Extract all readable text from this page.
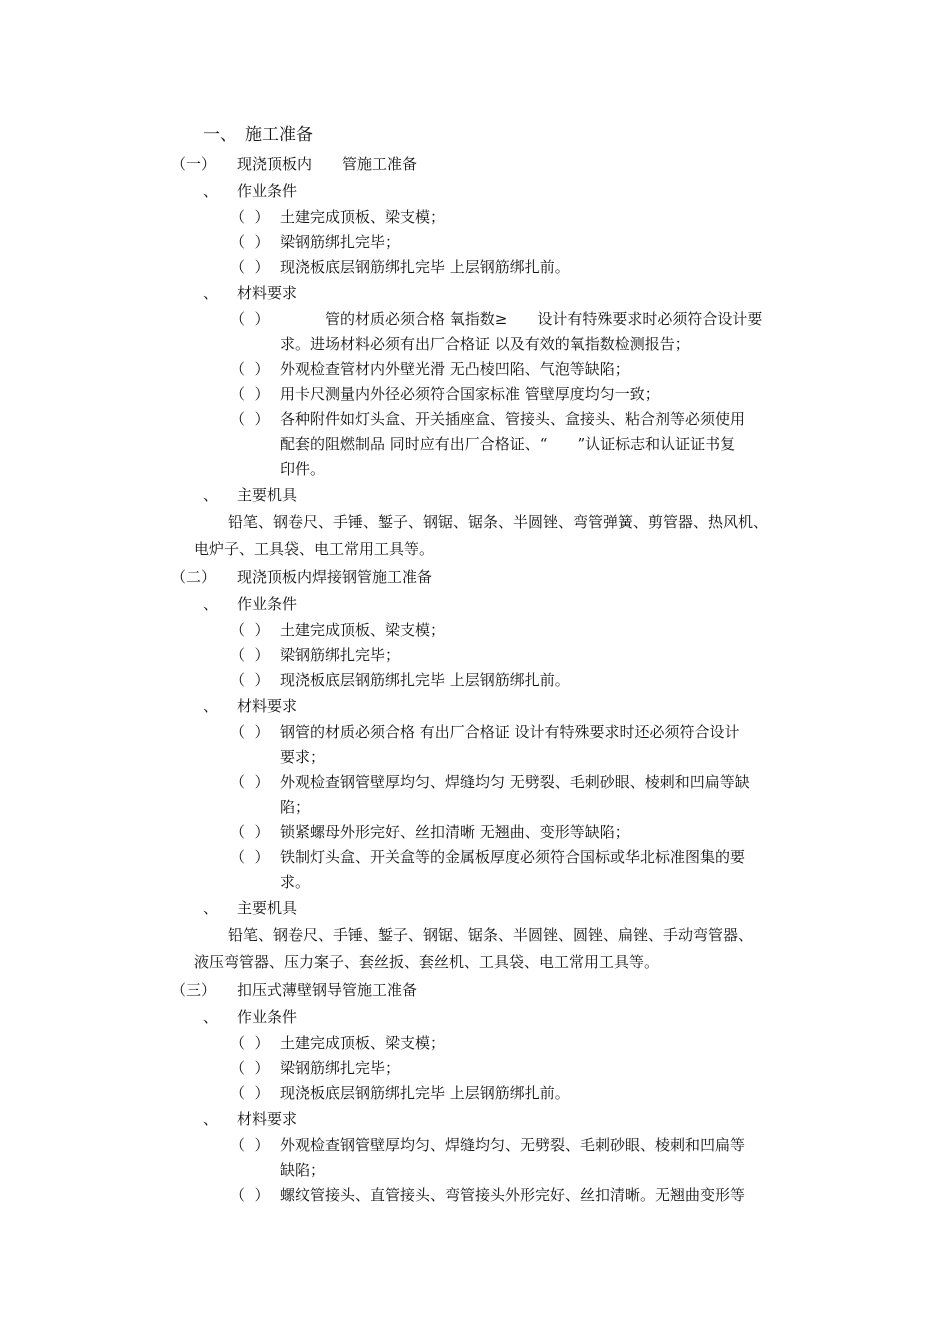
一、 施工准备
（一） 现浇顶板内　　管施工准备
、 作业条件
（  ） 土建完成顶板、梁支模；
（  ） 梁钢筋绑扎完毕；
（  ） 现浇板底层钢筋绑扎完毕 上层钢筋绑扎前。
、 材料要求
（  ） 　　　管的材质必须合格 氧指数≥　　设计有特殊要求时必须符合设计要
求。进场材料必须有出厂合格证 以及有效的氧指数检测报告；
（  ） 外观检查管材内外壁光滑 无凸棱凹陷、气泡等缺陷；
（  ） 用卡尺测量内外径必须符合国家标准 管壁厚度均匀一致；
（  ） 各种附件如灯头盒、开关插座盒、管接头、盒接头、粘合剂等必须使用
配套的阻燃制品 同时应有出厂合格证、“　　”认证标志和认证证书复
印件。
、 主要机具
铅笔、钢卷尺、手锤、錾子、钢锯、锯条、半圆锉、弯管弹簧、剪管器、热风机、
电炉子、工具袋、电工常用工具等。
（二） 现浇顶板内焊接钢管施工准备
、 作业条件
（  ） 土建完成顶板、梁支模；
（  ） 梁钢筋绑扎完毕；
（  ） 现浇板底层钢筋绑扎完毕 上层钢筋绑扎前。
、 材料要求
（  ） 钢管的材质必须合格 有出厂合格证 设计有特殊要求时还必须符合设计
要求；
（  ） 外观检查钢管壁厚均匀、焊缝均匀 无劈裂、毛刺砂眼、棱刺和凹扁等缺
陷；
（  ） 锁紧螺母外形完好、丝扣清晰 无翘曲、变形等缺陷；
（  ） 铁制灯头盒、开关盒等的金属板厚度必须符合国标或华北标准图集的要
求。
、 主要机具
铅笔、钢卷尺、手锤、錾子、钢锯、锯条、半圆锉、圆锉、扁锉、手动弯管器、
液压弯管器、压力案子、套丝扳、套丝机、工具袋、电工常用工具等。
（三） 扣压式薄壁钢导管施工准备
、 作业条件
（  ） 土建完成顶板、梁支模；
（  ） 梁钢筋绑扎完毕；
（  ） 现浇板底层钢筋绑扎完毕 上层钢筋绑扎前。
、 材料要求
（  ） 外观检查钢管壁厚均匀、焊缝均匀、无劈裂、毛刺砂眼、棱刺和凹扁等
缺陷；
（  ） 螺纹管接头、直管接头、弯管接头外形完好、丝扣清晰。无翘曲变形等
